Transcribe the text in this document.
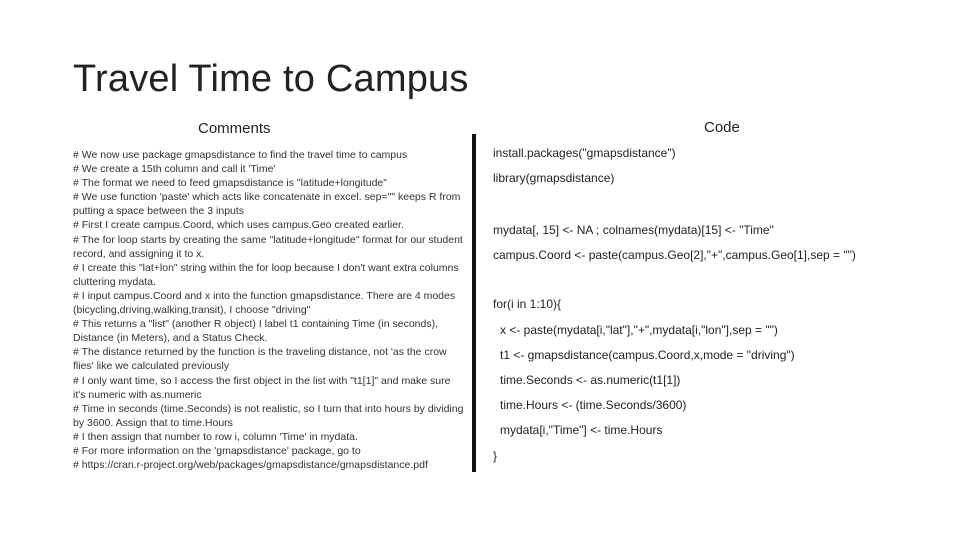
Travel Time to Campus
Comments	Code
# We now use package gmapsdistance to find the travel time to campus
# We create a 15th column and call it 'Time'
# The format we need to feed gmapsdistance is "latitude+longitude"
# We use function 'paste' which acts like concatenate in excel. sep="" keeps R from putting a space between the 3 inputs
# First I create campus.Coord, which uses campus.Geo created earlier.
# The for loop starts by creating the same "latitude+longitude" format for our student record, and assigning it to x.
# I create this "lat+lon" string within the for loop because I don't want extra columns cluttering mydata.
# I input campus.Coord and x into the function gmapsdistance. There are 4 modes (bicycling,driving,walking,transit), I choose "driving"
# This returns a "list" (another R object) I label t1 containing Time (in seconds), Distance (in Meters), and a Status Check.
# The distance returned by the function is the traveling distance, not 'as the crow flies' like we calculated previously
# I only want time, so I access the first object in the list with "t1[1]" and make sure it's numeric with as.numeric
# Time in seconds (time.Seconds) is not realistic, so I turn that into hours by dividing by 3600. Assign that to time.Hours
# I then assign that number to row i, column 'Time' in mydata.
# For more information on the 'gmapsdistance' package, go to
# https://cran.r-project.org/web/packages/gmapsdistance/gmapsdistance.pdf
install.packages("gmapsdistance")
library(gmapsdistance)
mydata[, 15] <- NA ; colnames(mydata)[15] <- "Time"
campus.Coord <- paste(campus.Geo[2],"+",campus.Geo[1],sep = "")
for(i in 1:10){
x <- paste(mydata[i,"lat"],"+",mydata[i,"lon"],sep = "")
t1 <- gmapsdistance(campus.Coord,x,mode = "driving")
time.Seconds <- as.numeric(t1[1])
time.Hours <- (time.Seconds/3600)
mydata[i,"Time"] <- time.Hours
}
